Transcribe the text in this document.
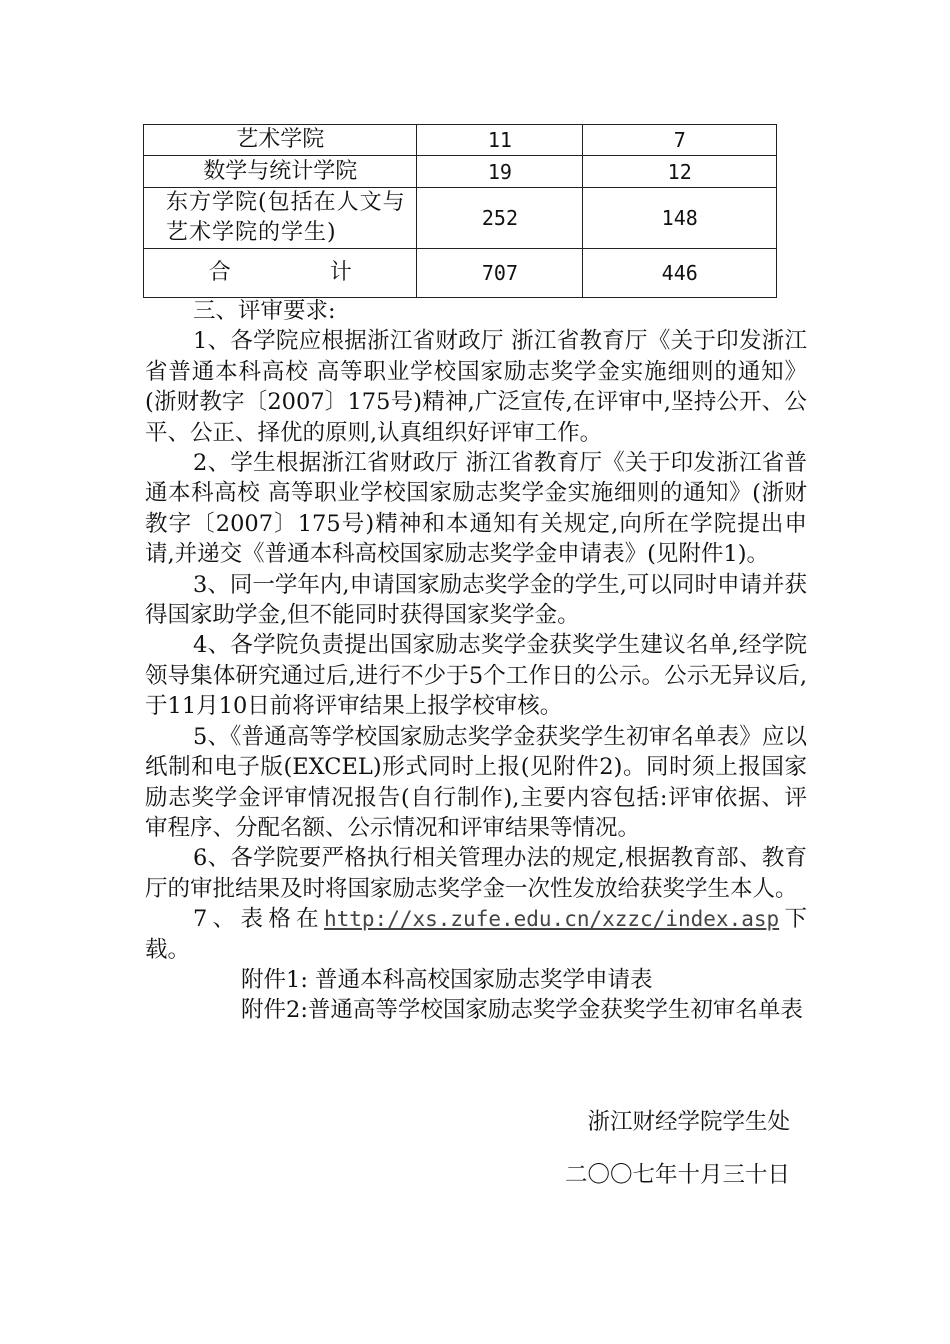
艺术学院	11	7
数学与统计学院	19	12
东方学院(包括在人文与艺术学院的学生)	252	148
合 计	707	446

三、评审要求:

1、各学院应根据浙江省财政厅 浙江省教育厅《关于印发浙江省普通本科高校 高等职业学校国家励志奖学金实施细则的通知》(浙财教字〔2007〕175号)精神,广泛宣传,在评审中,坚持公开、公平、公正、择优的原则,认真组织好评审工作。

2、学生根据浙江省财政厅 浙江省教育厅《关于印发浙江省普通本科高校 高等职业学校国家励志奖学金实施细则的通知》(浙财教字〔2007〕175号)精神和本通知有关规定,向所在学院提出申请,并递交《普通本科高校国家励志奖学金申请表》(见附件1)。

3、同一学年内,申请国家励志奖学金的学生,可以同时申请并获得国家助学金,但不能同时获得国家奖学金。

4、各学院负责提出国家励志奖学金获奖学生建议名单,经学院领导集体研究通过后,进行不少于5个工作日的公示。公示无异议后,于11月10日前将评审结果上报学校审核。

5、《普通高等学校国家励志奖学金获奖学生初审名单表》应以纸制和电子版(EXCEL)形式同时上报(见附件2)。同时须上报国家励志奖学金评审情况报告(自行制作),主要内容包括:评审依据、评审程序、分配名额、公示情况和评审结果等情况。

6、各学院要严格执行相关管理办法的规定,根据教育部、教育厅的审批结果及时将国家励志奖学金一次性发放给获奖学生本人。

7、表格在http://xs.zufe.edu.cn/xzzc/index.asp下载。

附件1: 普通本科高校国家励志奖学申请表

附件2:普通高等学校国家励志奖学金获奖学生初审名单表

浙江财经学院学生处
二〇〇七年十月三十日
